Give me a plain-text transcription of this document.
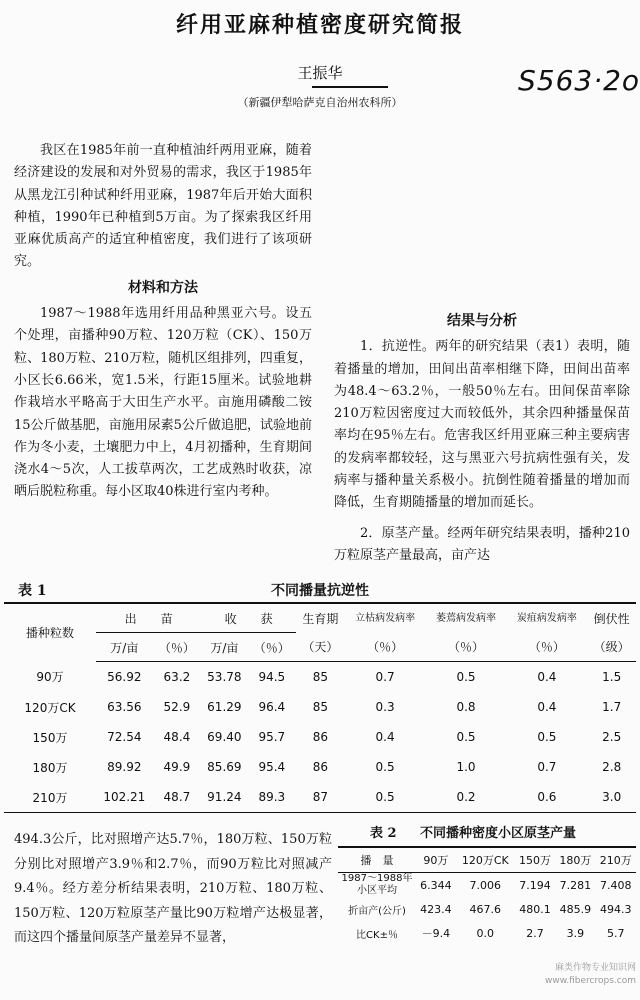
纤用亚麻种植密度研究简报
S563·2o
王振华
（新疆伊犁哈萨克自治州农科所）

我区在1985年前一直种植油纤两用亚麻，随着经济建设的发展和对外贸易的需求，我区于1985年从黑龙江引种试种纤用亚麻，1987年后开始大面积种植，1990年已种植到5万亩。为了探索我区纤用亚麻优质高产的适宜种植密度，我们进行了该项研究。

材料和方法

1987～1988年选用纤用品种黑亚六号。设五个处理，亩播种90万粒、120万粒（CK）、150万粒、180万粒、210万粒，随机区组排列，四重复，小区长6.66米，宽1.5米，行距15厘米。试验地耕作栽培水平略高于大田生产水平。亩施用磷酸二铵15公斤做基肥，亩施用尿素5公斤做追肥，试验地前作为冬小麦，土壤肥力中上，4月初播种，生育期间浇水4～5次，人工拔草两次，工艺成熟时收获，凉晒后脱粒称重。每小区取40株进行室内考种。

结果与分析

1．抗逆性。两年的研究结果（表1）表明，随着播量的增加，田间出苗率相继下降，田间出苗率为48.4～63.2％，一般50％左右。田间保苗率除210万粒因密度过大而较低外，其余四种播量保苗率均在95％左右。危害我区纤用亚麻三种主要病害的发病率都较轻，这与黑亚六号抗病性强有关，发病率与播种量关系极小。抗倒性随着播量的增加而降低，生育期随播量的增加而延长。

2．原茎产量。经两年研究结果表明，播种210万粒原茎产量最高，亩产达

表 1	不同播量抗逆性
播种粒数	出　　苗		收　　获		生育期	立枯病发病率	萎蔫病发病率	炭疽病发病率	倒伏性
	万/亩	（％）	万/亩	（％）	（天）	（％）	（％）	（％）	（级）
90万	56.92	63.2	53.78	94.5	85	0.7	0.5	0.4	1.5
120万CK	63.56	52.9	61.29	96.4	85	0.3	0.8	0.4	1.7
150万	72.54	48.4	69.40	95.7	86	0.4	0.5	0.5	2.5
180万	89.92	49.9	85.69	95.4	86	0.5	1.0	0.7	2.8
210万	102.21	48.7	91.24	89.3	87	0.5	0.2	0.6	3.0

494.3公斤，比对照增产达5.7％，180万粒、150万粒分别比对照增产3.9％和2.7％，而90万粒比对照减产9.4％。经方差分析结果表明，210万粒、180万粒、150万粒、120万粒原茎产量比90万粒增产达极显著，而这四个播量间原茎产量差异不显著，

表 2 不同播种密度小区原茎产量
播　量	90万	120万CK	150万	180万	210万
1987～1988年小区平均	6.344	7.006	7.194	7.281	7.408
折亩产(公斤)	423.4	467.6	480.1	485.9	494.3
比CK±％	－9.4	0.0	2.7	3.9	5.7
麻类作物专业知识网
www.fibercrops.com
